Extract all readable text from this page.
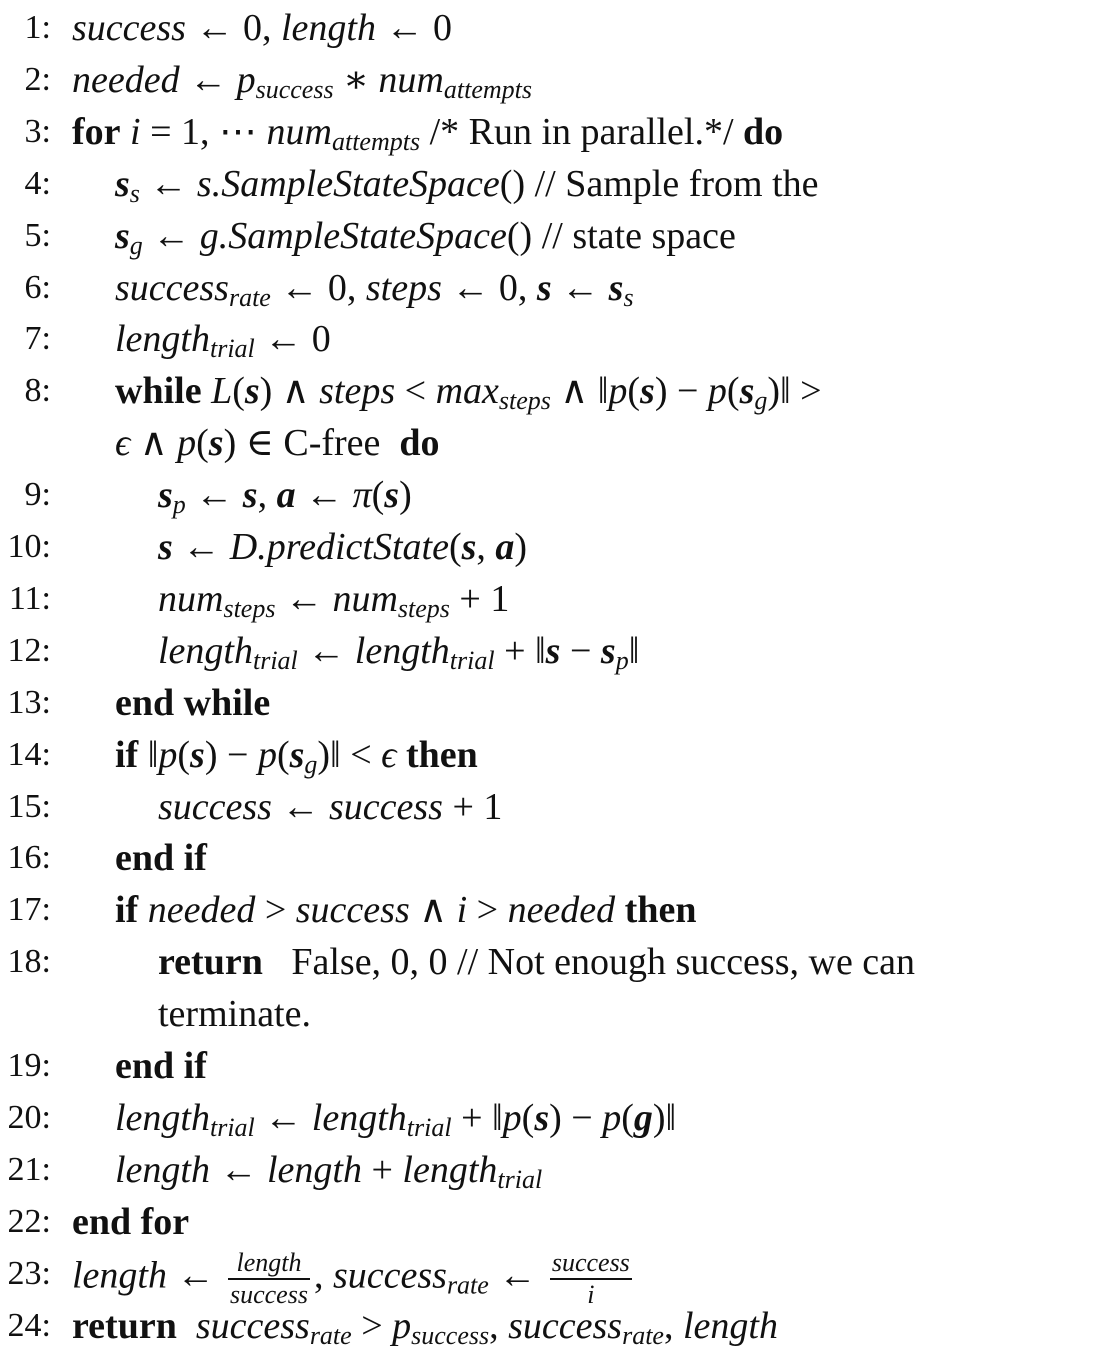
1: success ← 0, length ← 0
2: needed ← $p_{success}$ ∗ num$_{attempts}$
3: for i = 1, ⋯ num$_{attempts}$ /* Run in parallel.*/ do
4: $s_s$ ← s.SampleStateSpace() // Sample from the
5: $s_g$ ← g.SampleStateSpace() // state space
6: success$_{rate}$ ← 0, steps ← 0, s ← $s_s$
7: length$_{trial}$ ← 0
8: while L(s) ∧ steps < $\max_{steps}$ ∧ ‖p(s) − $p(s_g)‖$ >
ϵ ∧ p(s) ∈ C-free  do
9:	$s_p$ ← s, a ← π(s)
10:	s ← D.predictState(s, a)
11:	num$_{steps}$ ← num$_{steps}$ + 1
12:	length$_{trial}$ ← length$_{trial}$ + ‖s − $s_p‖$
13: end while
14: if ‖p(s) − $p(s_g)‖ < \epsilon$ then
15:	success ← success + 1
16: end if
17: if needed > success ∧ i > needed then
18:	return   False, 0, 0 // Not enough success, we can
terminate.
19: end if
20: length$_{trial}$ ← length$_{trial}$ + ‖p(s) − p(g)‖
21: length ← length + length$_{trial}$
22: end for
23: length ← $\frac{\text{length}}{\text{success}}$ , success$_{rate}$ ← $\frac{\text{success}}{i}$
24: return success$_{rate}$ > $p_{success}$, success$_{rate}$, length
